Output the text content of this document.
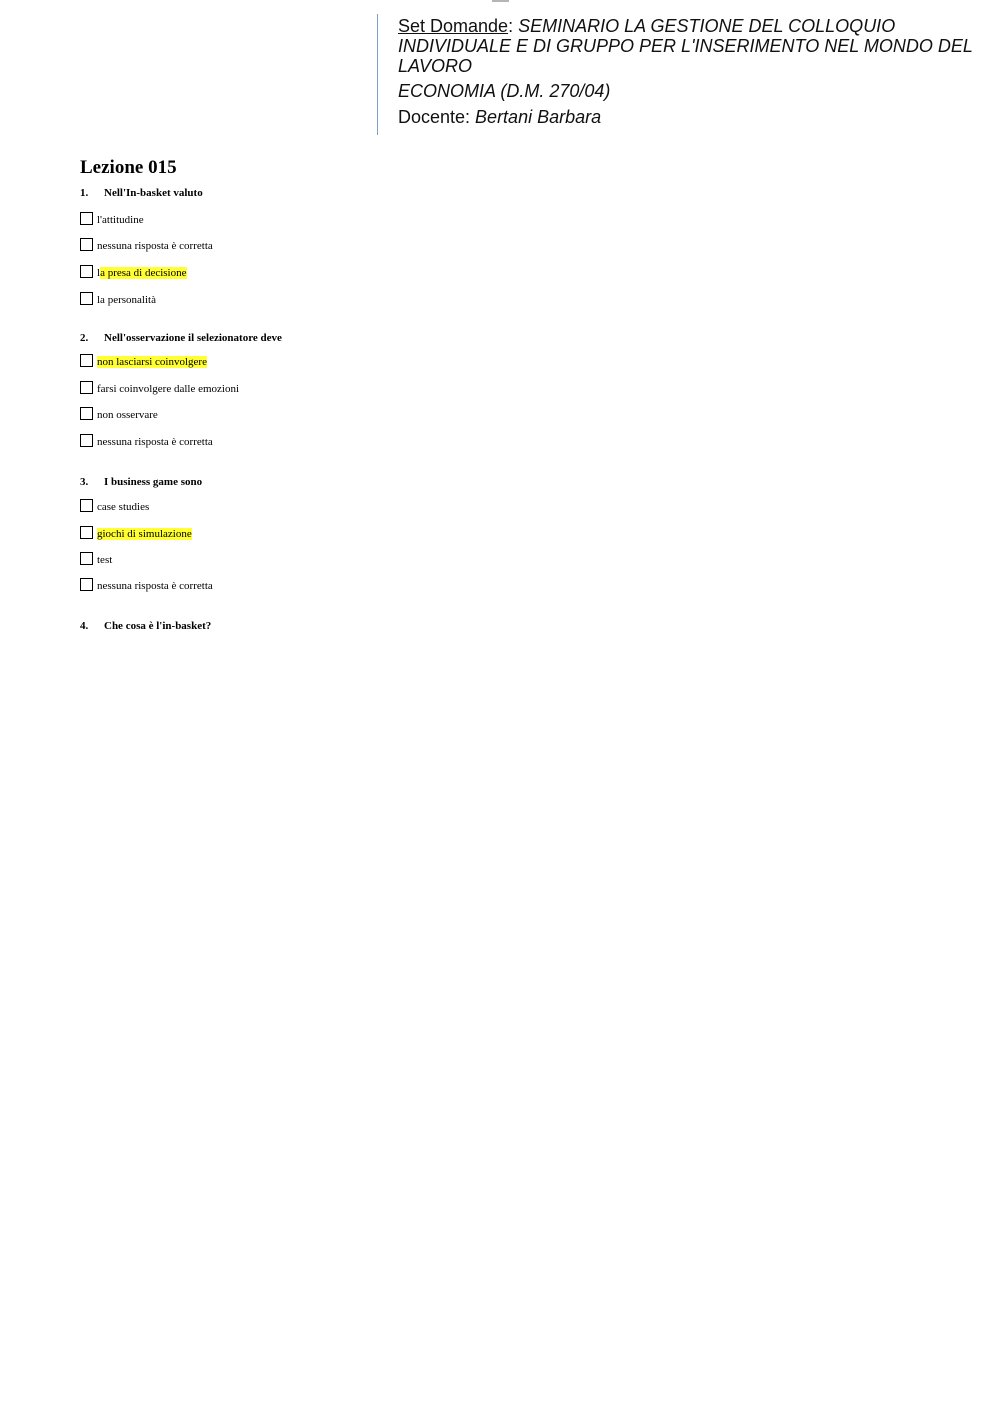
Set Domande: SEMINARIO LA GESTIONE DEL COLLOQUIO
INDIVIDUALE E DI GRUPPO PER L'INSERIMENTO NEL MONDO DEL
LAVORO
ECONOMIA (D.M. 270/04)
Docente: Bertani Barbara
Lezione 015
1. Nell'In-basket valuto
l'attitudine
nessuna risposta è corretta
la presa di decisione
la personalità
2. Nell'osservazione il selezionatore deve
non lasciarsi coinvolgere
farsi coinvolgere dalle emozioni
non osservare
nessuna risposta è corretta
3. I business game sono
case studies
giochi di simulazione
test
nessuna risposta è corretta
4. Che cosa è l'in-basket?
